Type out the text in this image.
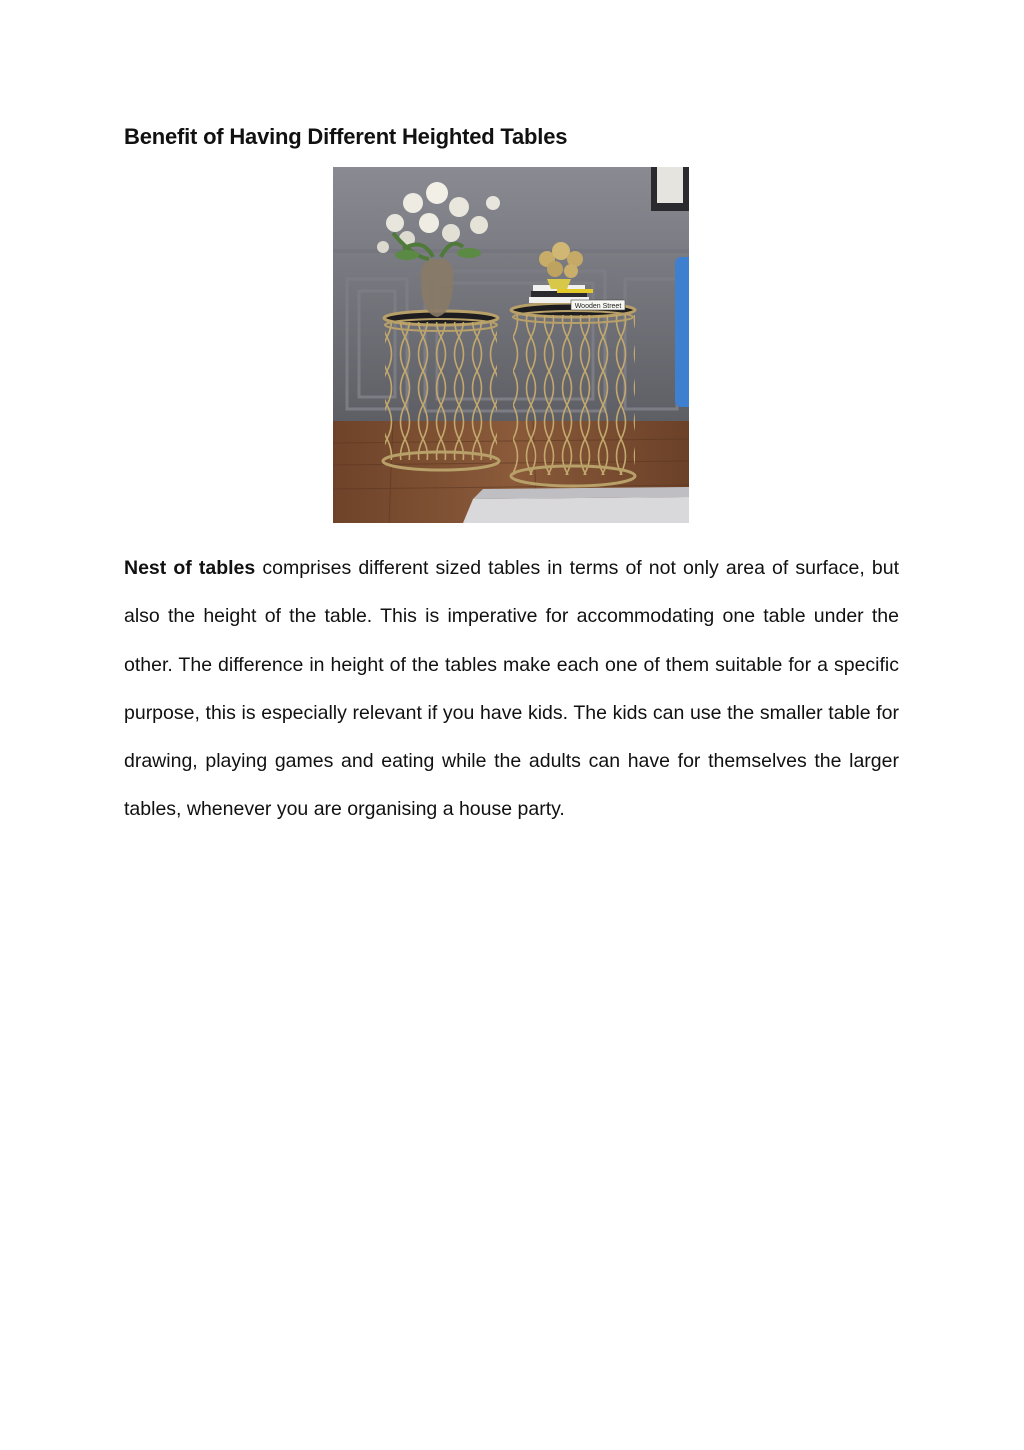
Benefit of Having Different Heighted Tables
Wooden Street

Nest of tables comprises different sized tables in terms of not only area of surface, but also the height of the table. This is imperative for accommodating one table under the other. The difference in height of the tables make each one of them suitable for a specific purpose, this is especially relevant if you have kids. The kids can use the smaller table for drawing, playing games and eating while the adults can have for themselves the larger tables, whenever you are organising a house party.
